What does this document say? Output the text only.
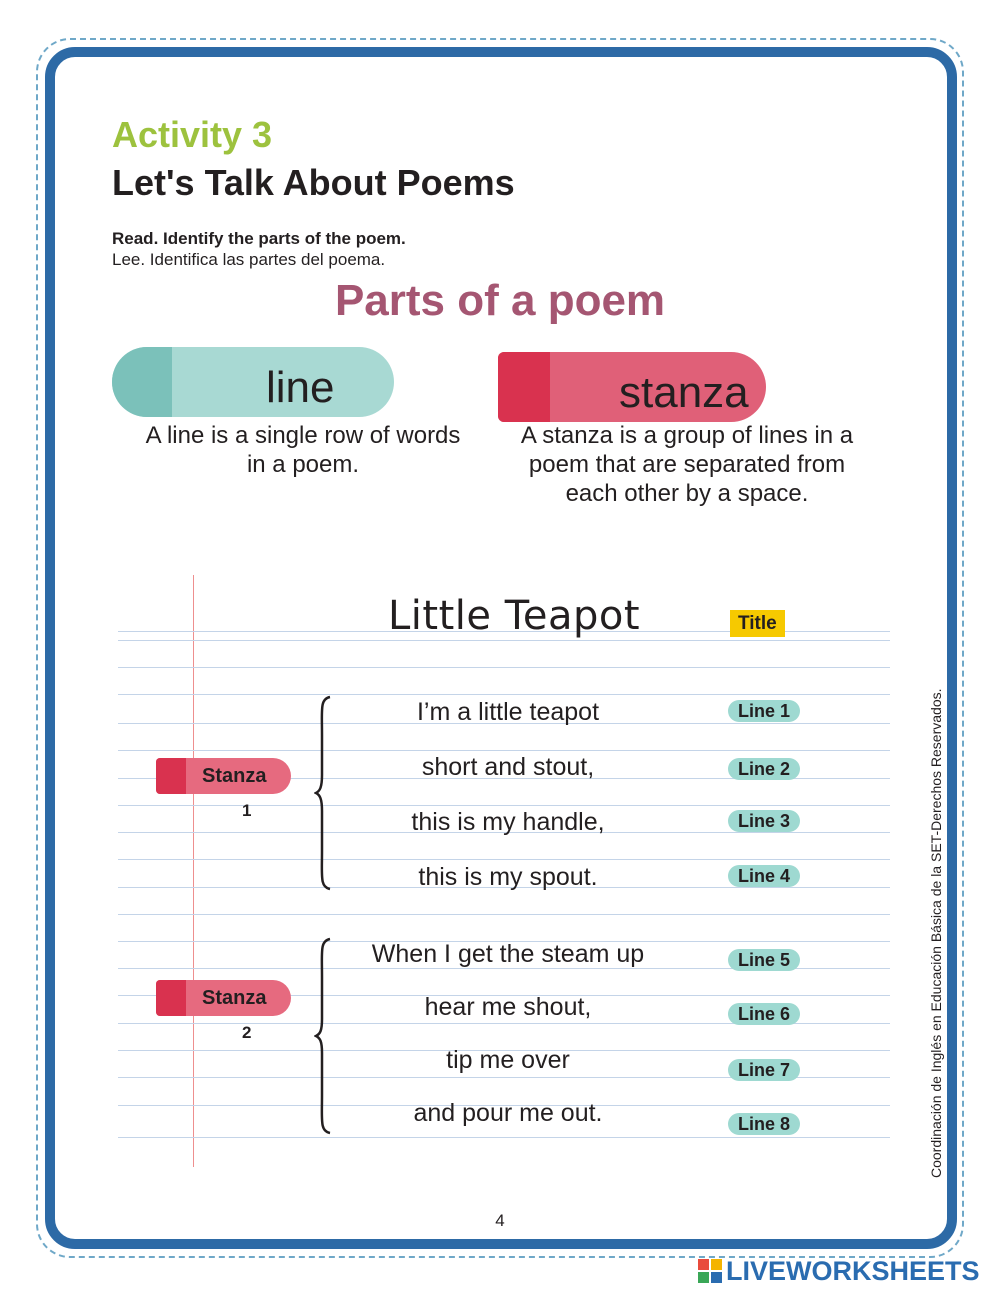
Activity 3
Let's Talk About Poems
Read. Identify the parts of the poem.
Lee. Identifica las partes del poema.
Parts of a poem
line
A line is a single row of words in a poem.
stanza
A stanza is a group of lines in a poem that are separated from each other by a space.
Little Teapot	Title
Stanza
1
I’m a little teapot
short and stout,
this is my handle,
this is my spout.
Line 1
Line 2
Line 3
Line 4
Stanza
2
When I get the steam up
hear me shout,
tip me over
and pour me out.
Line 5
Line 6
Line 7
Line 8	Coordinación de Inglés en Educación Básica de la SET-Derechos Reservados.
4
LIVEWORKSHEETS
